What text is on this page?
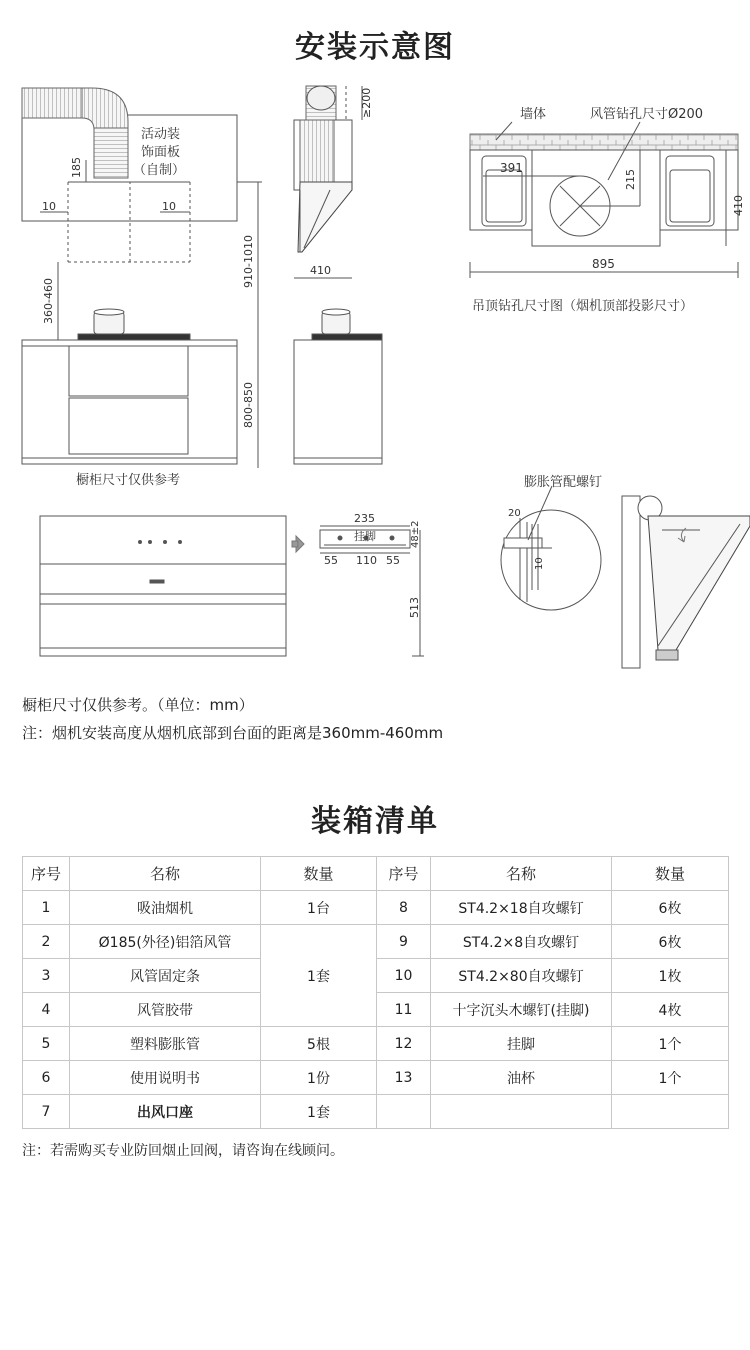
安装示意图
活动装
饰面板
（自制）
185
10	10
910-1010
360-460
800-850
橱柜尺寸仅供参考
≥200
410
墙体	风管钻孔尺寸Ø200
391
215
410
895
吊顶钻孔尺寸图（烟机顶部投影尺寸）
235
挂脚	48±2
55 110 55
513
膨胀管配螺钉
20
10
橱柜尺寸仅供参考。（单位：mm）
注：烟机安装高度从烟机底部到台面的距离是360mm-460mm
装箱清单
序号	名称	数量	序号	名称	数量
1	吸油烟机	1台	8	ST4.2×18自攻螺钉	6枚
2	Ø185(外径)铝箔风管	1套	9	ST4.2×8自攻螺钉	6枚
3	风管固定条		10	ST4.2×80自攻螺钉	1枚
4	风管胶带		11	十字沉头木螺钉(挂脚)	4枚
5	塑料膨胀管	5根	12	挂脚	1个
6	使用说明书	1份	13	油杯	1个
7	出风口座	1套			
注：若需购买专业防回烟止回阀，请咨询在线顾问。
